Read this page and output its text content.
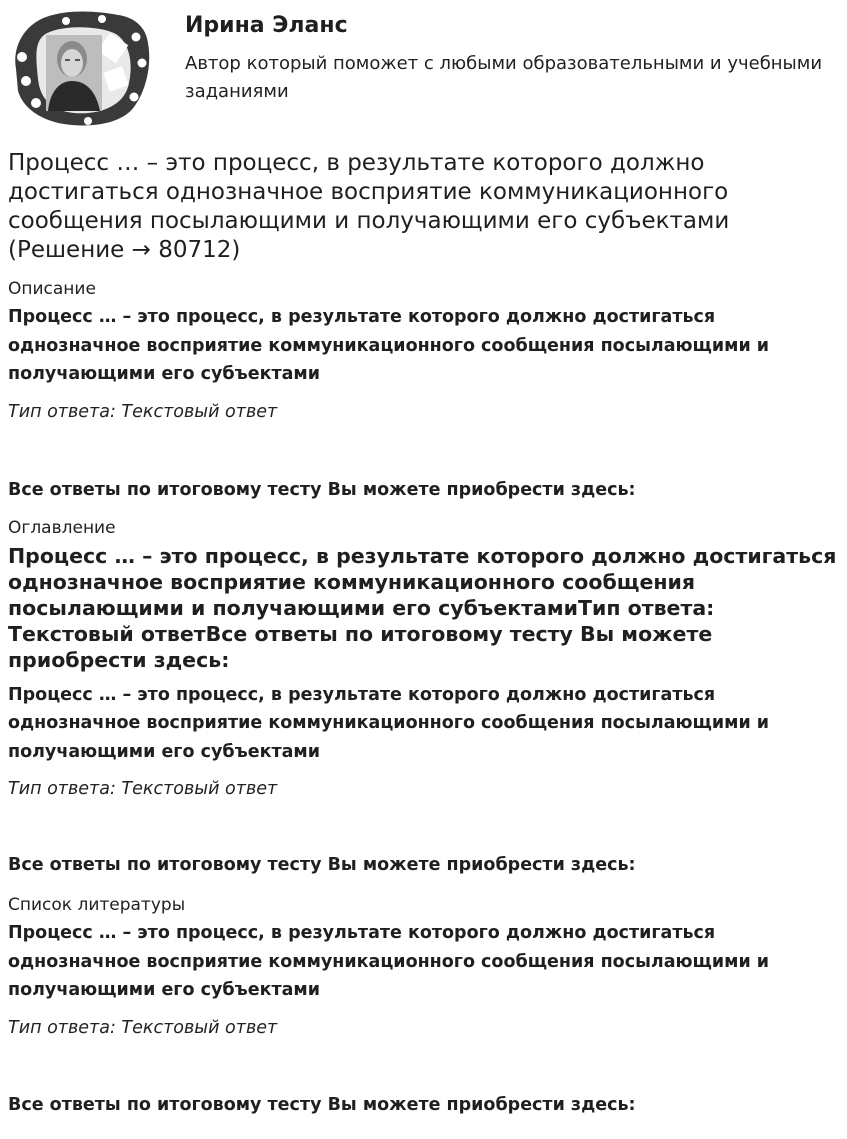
Ирина Эланс
Автор который поможет с любыми образовательными и учебными заданиями
Процесс … – это процесс, в результате которого должно достигаться однозначное восприятие коммуникационного сообщения посылающими и получающими его субъектами (Решение → 80712)
Описание
Процесс … – это процесс, в результате которого должно достигаться однозначное восприятие коммуникационного сообщения посылающими и получающими его субъектами
Тип ответа: Текстовый ответ
Все ответы по итоговому тесту Вы можете приобрести здесь:
Оглавление
Процесс … – это процесс, в результате которого должно достигаться однозначное восприятие коммуникационного сообщения посылающими и получающими его субъектамиТип ответа: Текстовый ответВсе ответы по итоговому тесту Вы можете приобрести здесь:
Процесс … – это процесс, в результате которого должно достигаться однозначное восприятие коммуникационного сообщения посылающими и получающими его субъектами
Тип ответа: Текстовый ответ
Все ответы по итоговому тесту Вы можете приобрести здесь:
Список литературы
Процесс … – это процесс, в результате которого должно достигаться однозначное восприятие коммуникационного сообщения посылающими и получающими его субъектами
Тип ответа: Текстовый ответ
Все ответы по итоговому тесту Вы можете приобрести здесь:
